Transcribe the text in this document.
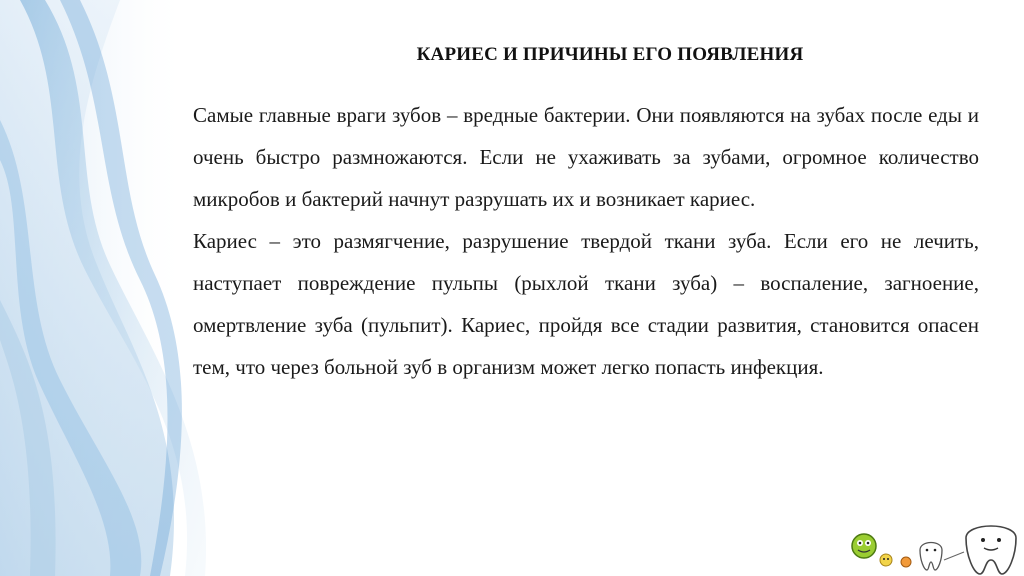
КАРИЕС И ПРИЧИНЫ ЕГО ПОЯВЛЕНИЯ

Самые главные враги зубов – вредные бактерии. Они появляются на зубах после еды и очень быстро размножаются. Если не ухаживать за зубами, огромное количество микробов и бактерий начнут разрушать их и возникает кариес.

Кариес – это размягчение, разрушение твердой ткани зуба. Если его не лечить, наступает повреждение пульпы (рыхлой ткани зуба) – воспаление, загноение, омертвление зуба (пульпит). Кариес, пройдя все стадии развития, становится опасен тем, что через больной зуб в организм может легко попасть инфекция.
